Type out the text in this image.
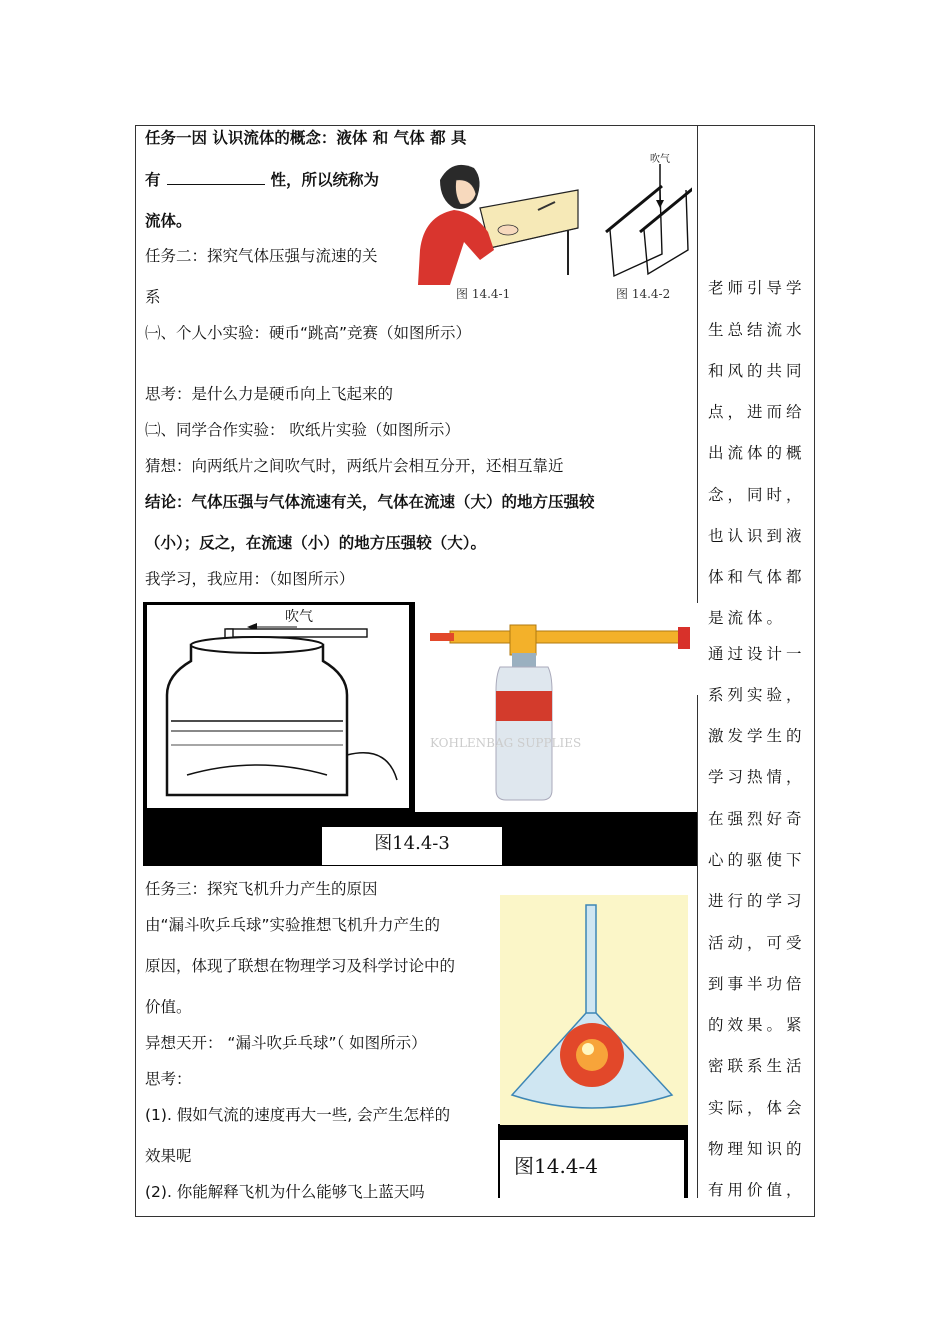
任务一因 认识流体的概念：液体 和 气体 都 具
有	性，所以统称为
流体。
任务二：探究气体压强与流速的关
系
㈠、个人小实验：硬币“跳高”竞赛（如图所示）
思考：是什么力是硬币向上飞起来的
㈡、同学合作实验： 吹纸片实验（如图所示）
猜想：向两纸片之间吹气时，两纸片会相互分开，还相互靠近
结论：气体压强与气体流速有关，气体在流速（大）的地方压强较
（小）；反之，在流速（小）的地方压强较（大）。
我学习，我应用：（如图所示）
任务三：探究飞机升力产生的原因
由“漏斗吹乒乓球”实验推想飞机升力产生的
原因，体现了联想在物理学习及科学讨论中的
价值。
异想天开： “漏斗吹乒乓球”（ 如图所示）
思考：
(1). 假如气流的速度再大一些, 会产生怎样的
效果呢
(2). 你能解释飞机为什么能够飞上蓝天吗
图 14.4-1
吹气
图 14.4-2
吹气
KOHLENBAG SUPPLIES
图14.4-3
图14.4-4
老师引导学
生总结流水
和风的共同
点，进而给
出流体的概
念，同时，
也认识到液
体和气体都
是流体。
通过设计一
系列实验，
激发学生的
学习热情，
在强烈好奇
心的驱使下
进行的学习
活动，可受
到事半功倍
的效果。紧
密联系生活
实际，体会
物理知识的
有用价值，
